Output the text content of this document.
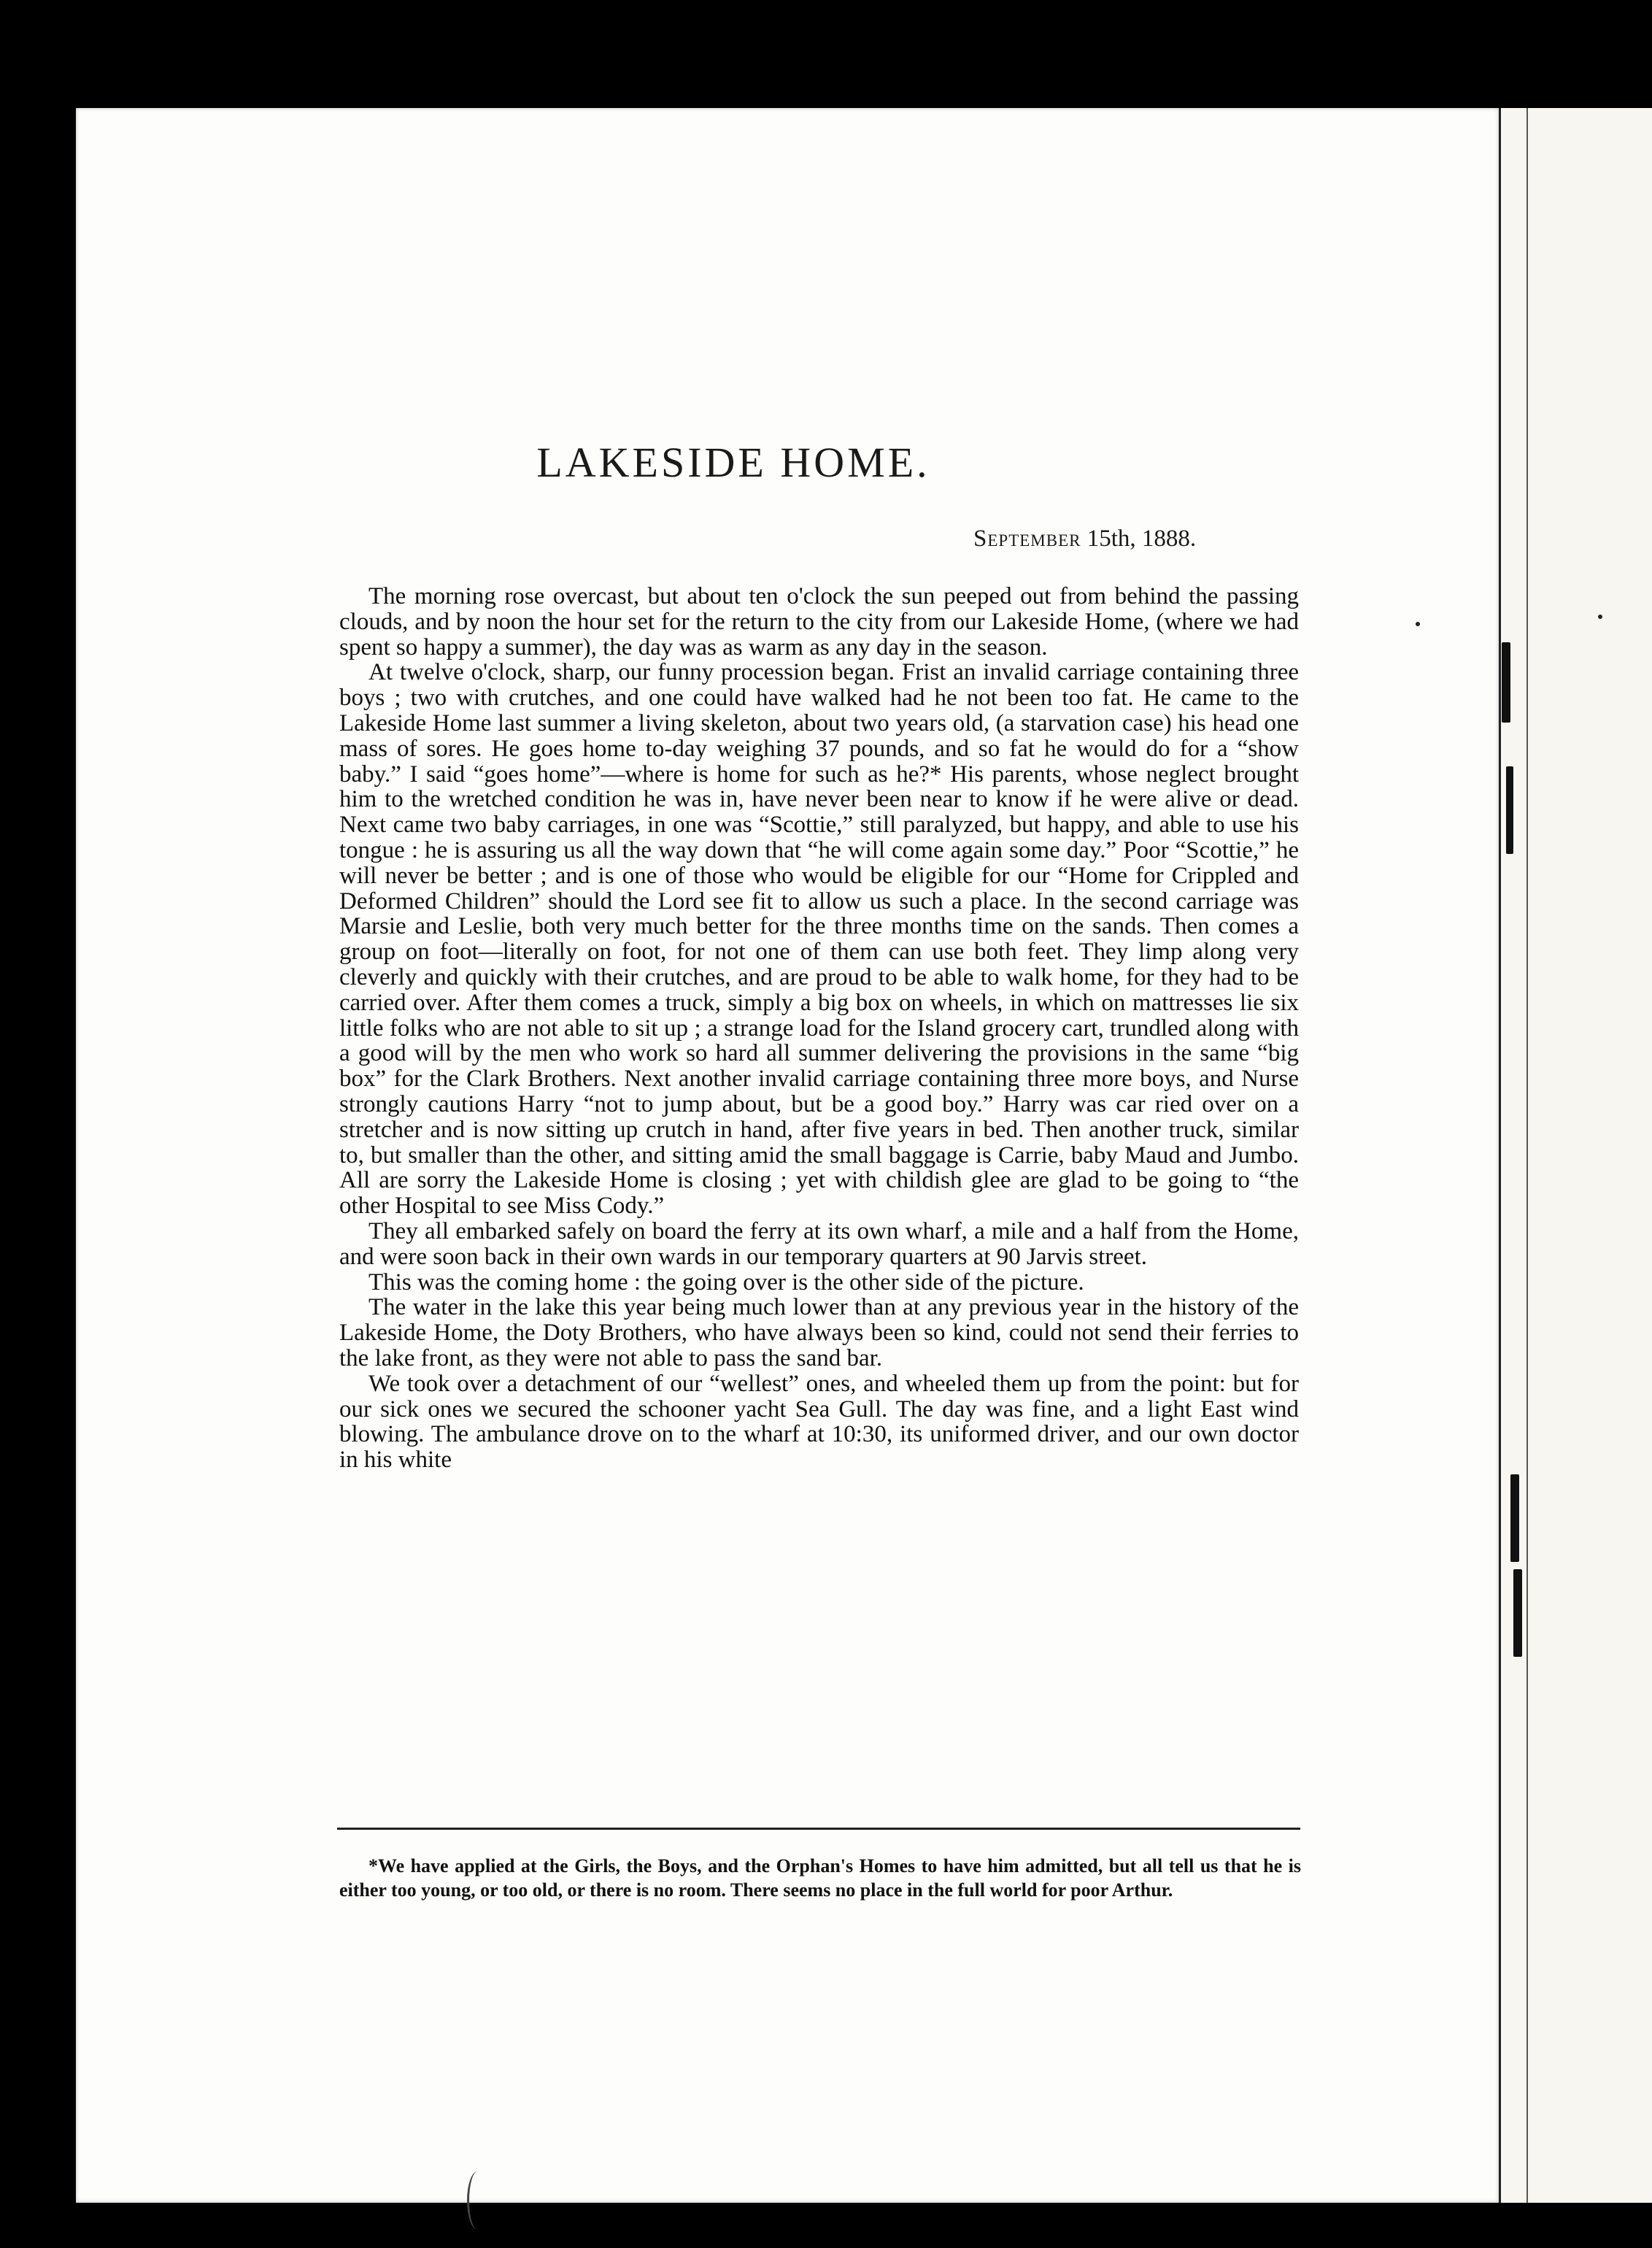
LAKESIDE HOME.
September 15th, 1888.

The morning rose overcast, but about ten o'clock the sun peeped out from behind the passing clouds, and by noon the hour set for the return to the city from our Lakeside Home, (where we had spent so happy a summer), the day was as warm as any day in the season.

At twelve o'clock, sharp, our funny procession began. Frist an invalid carriage containing three boys ; two with crutches, and one could have walked had he not been too fat. He came to the Lakeside Home last summer a living skeleton, about two years old, (a starvation case) his head one mass of sores. He goes home to-day weighing 37 pounds, and so fat he would do for a “show baby.” I said “goes home”—where is home for such as he?* His parents, whose neglect brought him to the wretched condition he was in, have never been near to know if he were alive or dead. Next came two baby carriages, in one was “Scottie,” still paralyzed, but happy, and able to use his tongue : he is assuring us all the way down that “he will come again some day.” Poor “Scottie,” he will never be better ; and is one of those who would be eligible for our “Home for Crippled and Deformed Children” should the Lord see fit to allow us such a place. In the second carriage was Marsie and Leslie, both very much better for the three months time on the sands. Then comes a group on foot—literally on foot, for not one of them can use both feet. They limp along very cleverly and quickly with their crutches, and are proud to be able to walk home, for they had to be carried over. After them comes a truck, simply a big box on wheels, in which on mattresses lie six little folks who are not able to sit up ; a strange load for the Island grocery cart, trundled along with a good will by the men who work so hard all summer delivering the provisions in the same “big box” for the Clark Brothers. Next another invalid carriage containing three more boys, and Nurse strongly cautions Harry “not to jump about, but be a good boy.” Harry was car ried over on a stretcher and is now sitting up crutch in hand, after five years in bed. Then another truck, similar to, but smaller than the other, and sitting amid the small baggage is Carrie, baby Maud and Jumbo. All are sorry the Lakeside Home is closing ; yet with childish glee are glad to be going to “the other Hospital to see Miss Cody.”

They all embarked safely on board the ferry at its own wharf, a mile and a half from the Home, and were soon back in their own wards in our temporary quarters at 90 Jarvis street.

This was the coming home : the going over is the other side of the picture.

The water in the lake this year being much lower than at any previous year in the history of the Lakeside Home, the Doty Brothers, who have always been so kind, could not send their ferries to the lake front, as they were not able to pass the sand bar.

We took over a detachment of our “wellest” ones, and wheeled them up from the point: but for our sick ones we secured the schooner yacht Sea Gull. The day was fine, and a light East wind blowing. The ambulance drove on to the wharf at 10:30, its uniformed driver, and our own doctor in his white

*We have applied at the Girls, the Boys, and the Orphan's Homes to have him admitted, but all tell us that he is either too young, or too old, or there is no room. There seems no place in the full world for poor Arthur.
